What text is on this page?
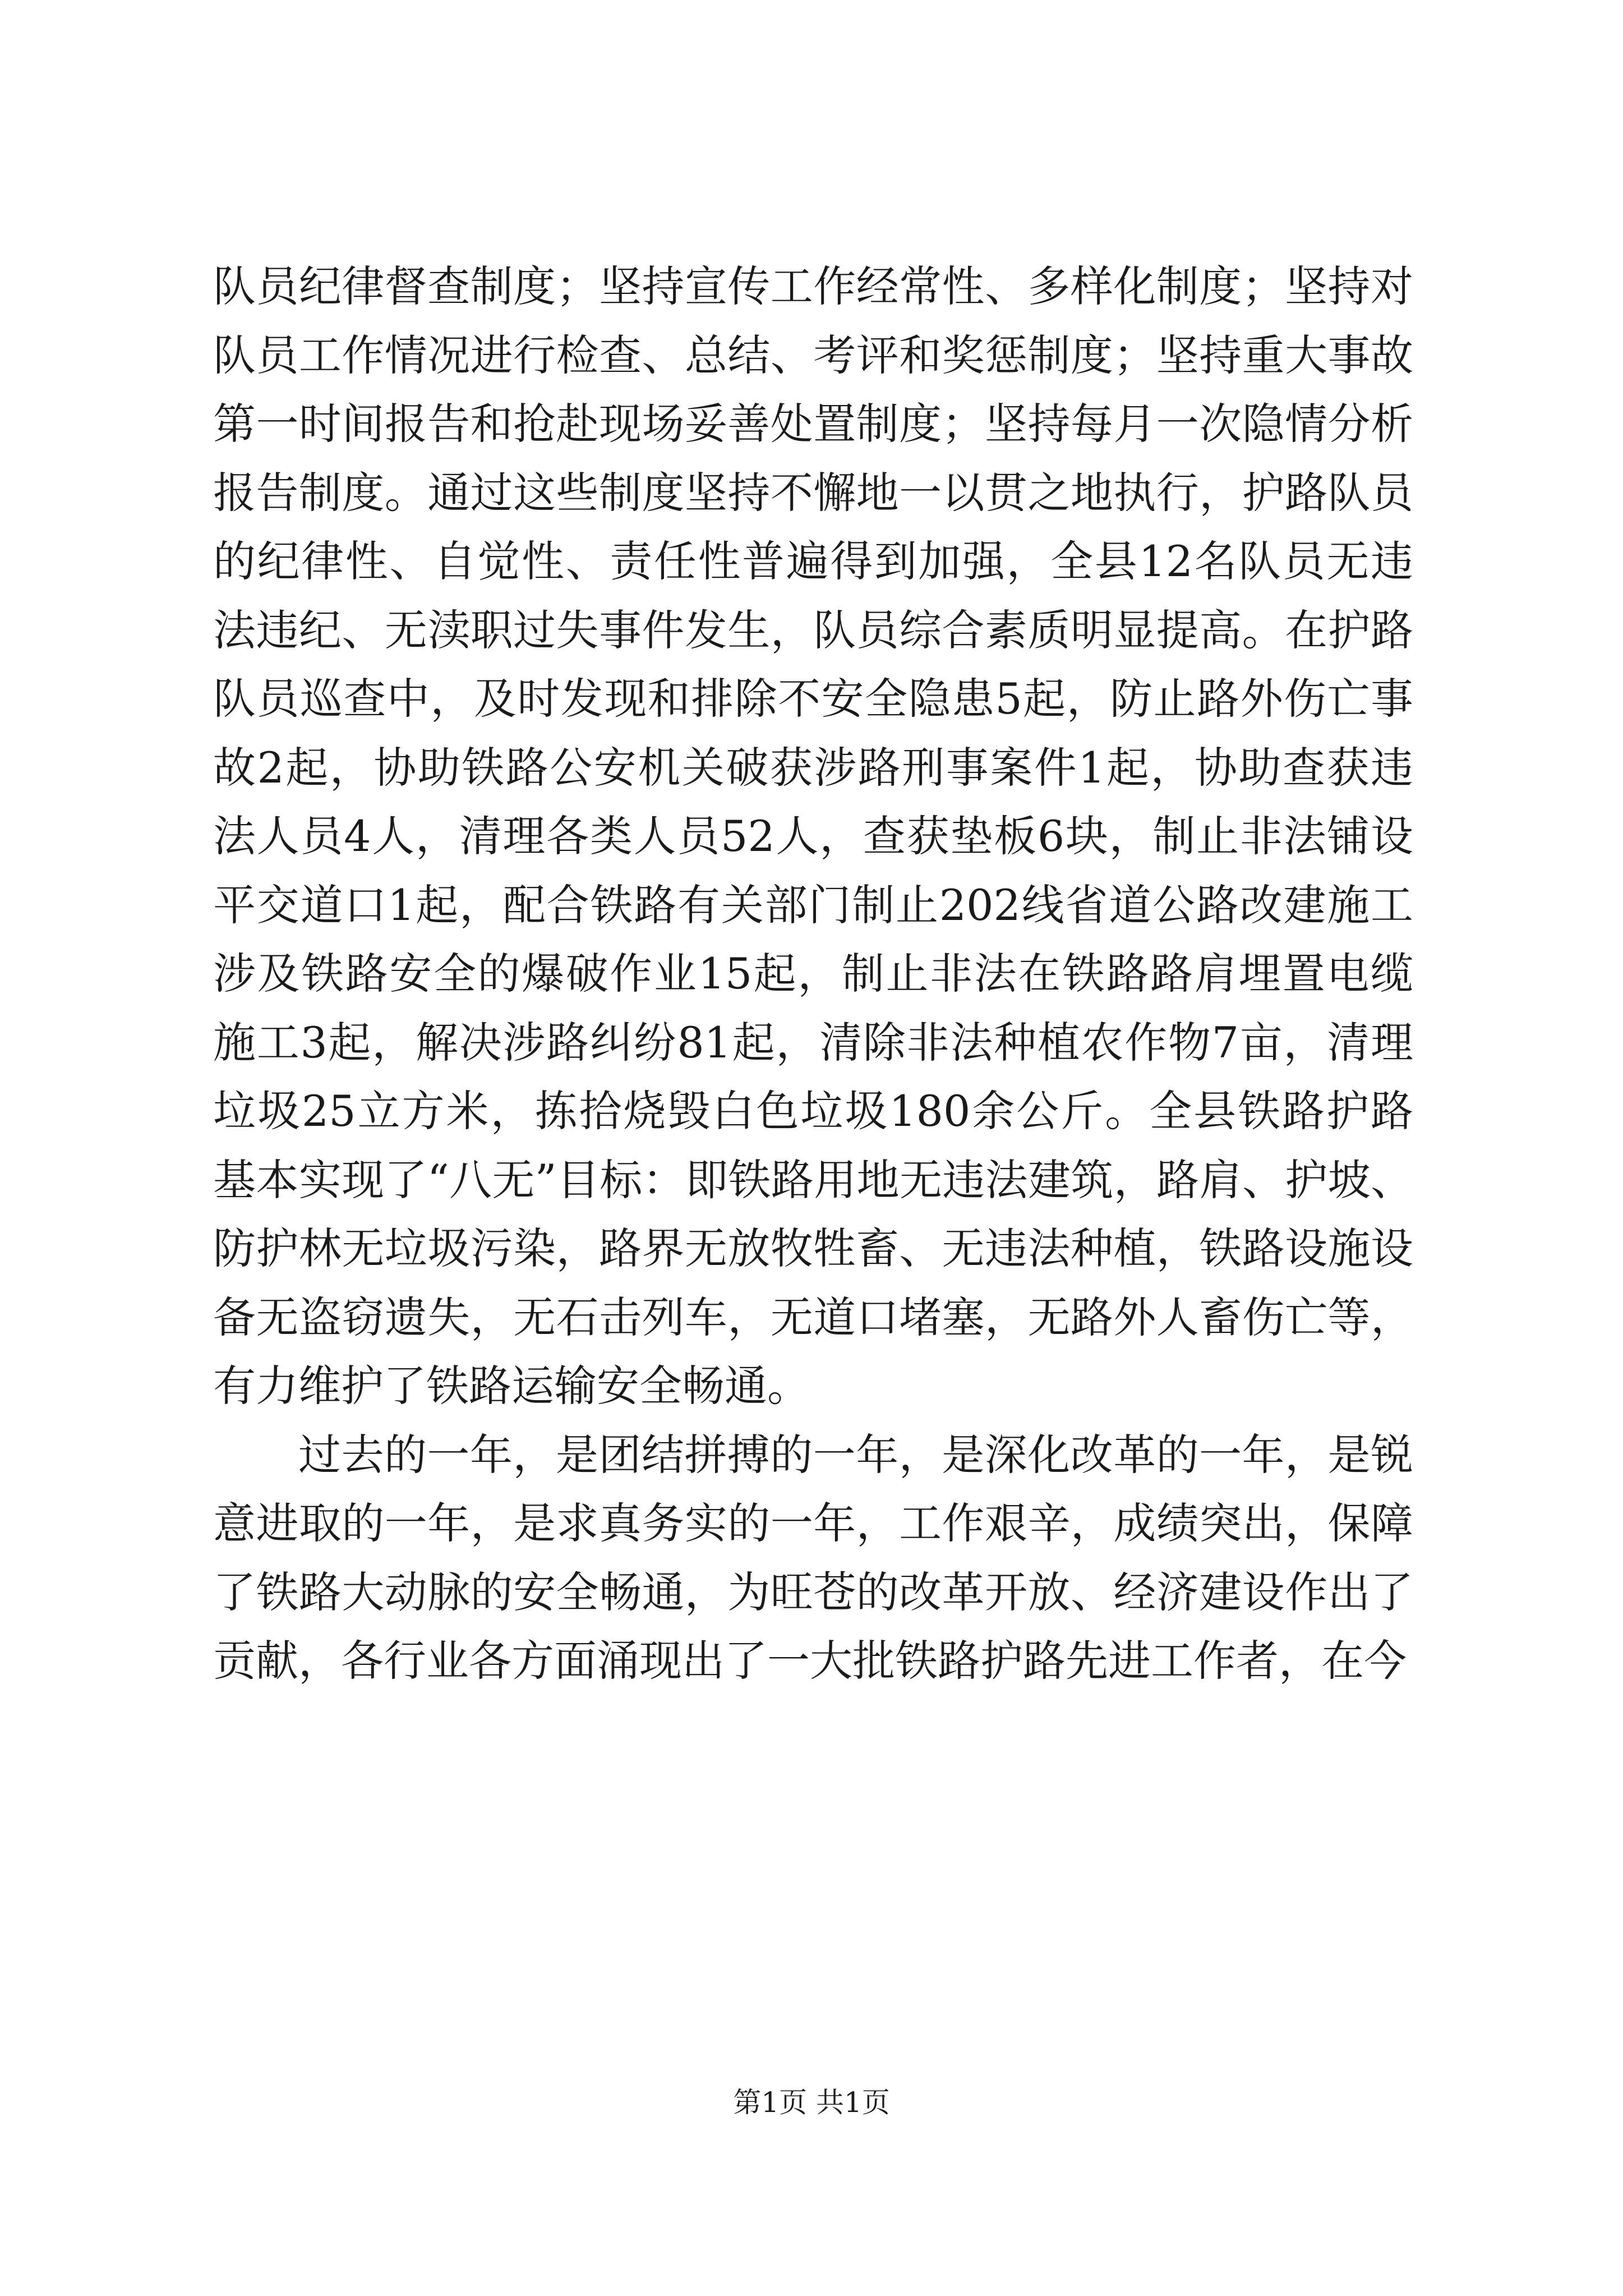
队员纪律督查制度；坚持宣传工作经常性、多样化制度；坚持对队员工作情况进行检查、总结、考评和奖惩制度；坚持重大事故第一时间报告和抢赴现场妥善处置制度；坚持每月一次隐情分析报告制度。通过这些制度坚持不懈地一以贯之地执行，护路队员的纪律性、自觉性、责任性普遍得到加强，全县12名队员无违法违纪、无渎职过失事件发生，队员综合素质明显提高。在护路队员巡查中，及时发现和排除不安全隐患5起，防止路外伤亡事故2起，协助铁路公安机关破获涉路刑事案件1起，协助查获违法人员4人，清理各类人员52人，查获垫板6块，制止非法铺设平交道口1起，配合铁路有关部门制止202线省道公路改建施工涉及铁路安全的爆破作业15起，制止非法在铁路路肩埋置电缆施工3起，解决涉路纠纷81起，清除非法种植农作物7亩，清理垃圾25立方米，拣拾烧毁白色垃圾180余公斤。全县铁路护路基本实现了“八无”目标：即铁路用地无违法建筑，路肩、护坡、防护林无垃圾污染，路界无放牧牲畜、无违法种植，铁路设施设备无盗窃遗失，无石击列车，无道口堵塞，无路外人畜伤亡等，有力维护了铁路运输安全畅通。

过去的一年，是团结拼搏的一年，是深化改革的一年，是锐意进取的一年，是求真务实的一年，工作艰辛，成绩突出，保障了铁路大动脉的安全畅通，为旺苍的改革开放、经济建设作出了贡献，各行业各方面涌现出了一大批铁路护路先进工作者，在今

第1页 共1页
